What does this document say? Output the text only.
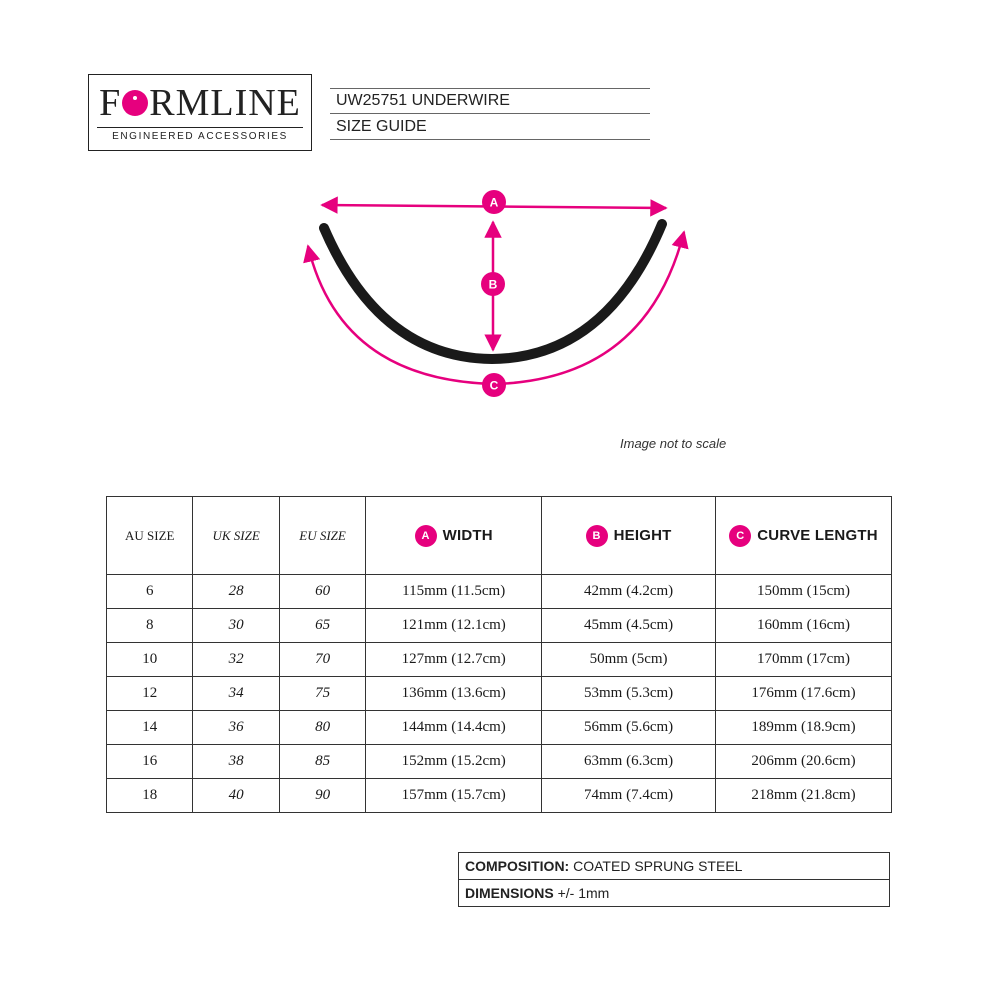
F RMLINE
ENGINEERED ACCESSORIES
UW25751 UNDERWIRE
SIZE GUIDE
A
B
C
Image not to scale
AU SIZE	UK SIZE	EU SIZE	A WIDTH	B HEIGHT	C CURVE LENGTH
6	28	60	115mm (11.5cm)	42mm (4.2cm)	150mm (15cm)
8	30	65	121mm (12.1cm)	45mm (4.5cm)	160mm (16cm)
10	32	70	127mm (12.7cm)	50mm (5cm)	170mm (17cm)
12	34	75	136mm (13.6cm)	53mm (5.3cm)	176mm (17.6cm)
14	36	80	144mm (14.4cm)	56mm (5.6cm)	189mm (18.9cm)
16	38	85	152mm (15.2cm)	63mm (6.3cm)	206mm (20.6cm)
18	40	90	157mm (15.7cm)	74mm (7.4cm)	218mm (21.8cm)
COMPOSITION: COATED SPRUNG STEEL
DIMENSIONS +/- 1mm
